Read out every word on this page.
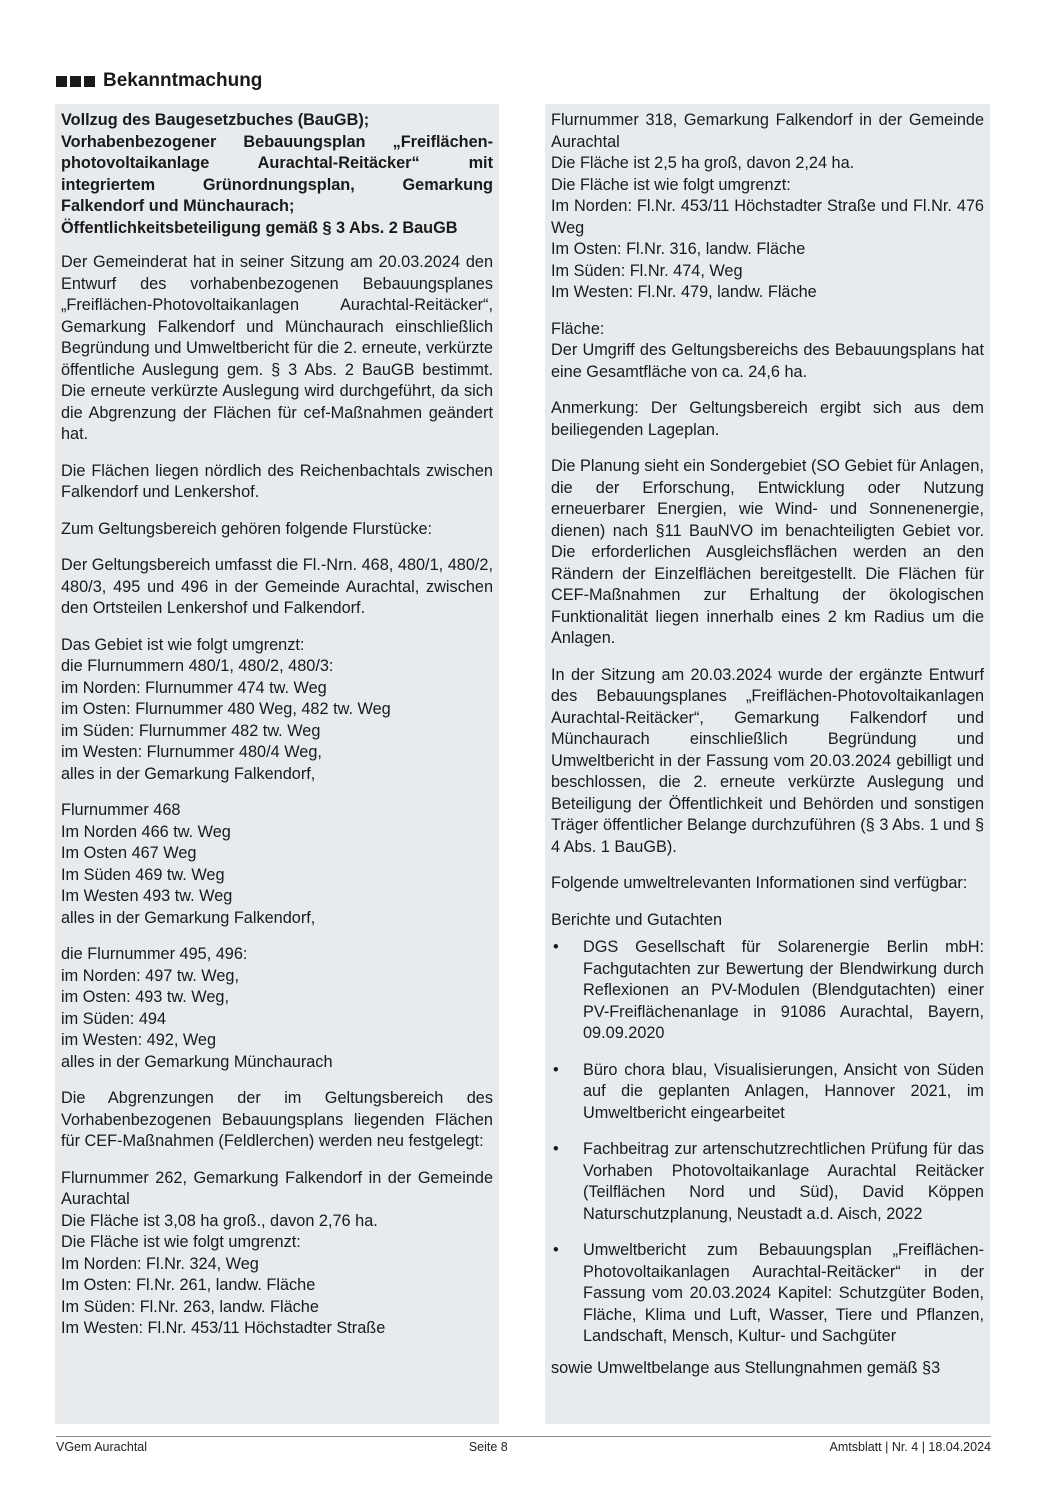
Bekanntmachung
Vollzug des Baugesetzbuches (BauGB);
Vorhabenbezogener Bebauungsplan „Freiflächen-photovoltaikanlage Aurachtal-Reitäcker“ mit integriertem Grünordnungsplan, Gemarkung Falkendorf und Münchaurach;
Öffentlichkeitsbeteiligung gemäß § 3 Abs. 2 BauGB
Der Gemeinderat hat in seiner Sitzung am 20.03.2024 den Entwurf des vorhabenbezogenen Bebauungsplanes „Freiflächen-Photovoltaikanlagen Aurachtal-Reitäcker“, Gemarkung Falkendorf und Münchaurach einschließlich Begründung und Umweltbericht für die 2. erneute, verkürzte öffentliche Auslegung gem. § 3 Abs. 2 BauGB bestimmt. Die erneute verkürzte Auslegung wird durchgeführt, da sich die Abgrenzung der Flächen für cef-Maßnahmen geändert hat.
Die Flächen liegen nördlich des Reichenbachtals zwischen Falkendorf und Lenkershof.
Zum Geltungsbereich gehören folgende Flurstücke:
Der Geltungsbereich umfasst die Fl.-Nrn. 468, 480/1, 480/2, 480/3, 495 und 496 in der Gemeinde Aurachtal, zwischen den Ortsteilen Lenkershof und Falkendorf.
Das Gebiet ist wie folgt umgrenzt:
die Flurnummern 480/1, 480/2, 480/3:
im Norden: Flurnummer 474 tw. Weg
im Osten: Flurnummer 480 Weg, 482 tw. Weg
im Süden: Flurnummer 482 tw. Weg
im Westen: Flurnummer 480/4 Weg,
alles in der Gemarkung Falkendorf,
Flurnummer 468
Im Norden 466 tw. Weg
Im Osten 467 Weg
Im Süden 469 tw. Weg
Im Westen 493 tw. Weg
alles in der Gemarkung Falkendorf,
die Flurnummer 495, 496:
im Norden: 497 tw. Weg,
im Osten: 493 tw. Weg,
im Süden: 494
im Westen: 492, Weg
alles in der Gemarkung Münchaurach
Die Abgrenzungen der im Geltungsbereich des Vorhabenbezogenen Bebauungsplans liegenden Flächen für CEF-Maßnahmen (Feldlerchen) werden neu festgelegt:
Flurnummer 262, Gemarkung Falkendorf in der Gemeinde Aurachtal
Die Fläche ist 3,08 ha groß., davon 2,76 ha.
Die Fläche ist wie folgt umgrenzt:
Im Norden: Fl.Nr. 324, Weg
Im Osten: Fl.Nr. 261, landw. Fläche
Im Süden: Fl.Nr. 263, landw. Fläche
Im Westen: Fl.Nr. 453/11 Höchstadter Straße
Flurnummer 318, Gemarkung Falkendorf in der Gemeinde Aurachtal
Die Fläche ist 2,5 ha groß, davon 2,24 ha.
Die Fläche ist wie folgt umgrenzt:
Im Norden: Fl.Nr. 453/11 Höchstadter Straße und Fl.Nr. 476 Weg
Im Osten: Fl.Nr. 316, landw. Fläche
Im Süden: Fl.Nr. 474, Weg
Im Westen: Fl.Nr. 479, landw. Fläche
Fläche:
Der Umgriff des Geltungsbereichs des Bebauungsplans hat eine Gesamtfläche von ca. 24,6 ha.
Anmerkung: Der Geltungsbereich ergibt sich aus dem beiliegenden Lageplan.
Die Planung sieht ein Sondergebiet (SO Gebiet für Anlagen, die der Erforschung, Entwicklung oder Nutzung erneuerbarer Energien, wie Wind- und Sonnenenergie, dienen) nach §11 BauNVO im benachteiligten Gebiet vor. Die erforderlichen Ausgleichsflächen werden an den Rändern der Einzelflächen bereitgestellt. Die Flächen für CEF-Maßnahmen zur Erhaltung der ökologischen Funktionalität liegen innerhalb eines 2 km Radius um die Anlagen.
In der Sitzung am 20.03.2024 wurde der ergänzte Entwurf des Bebauungsplanes „Freiflächen-Photovoltaikanlagen Aurachtal-Reitäcker“, Gemarkung Falkendorf und Münchaurach einschließlich Begründung und Umweltbericht in der Fassung vom 20.03.2024 gebilligt und beschlossen, die 2. erneute verkürzte Auslegung und Beteiligung der Öffentlichkeit und Behörden und sonstigen Träger öffentlicher Belange durchzuführen (§ 3 Abs. 1 und § 4 Abs. 1 BauGB).
Folgende umweltrelevanten Informationen sind verfügbar:
Berichte und Gutachten
• DGS Gesellschaft für Solarenergie Berlin mbH: Fachgutachten zur Bewertung der Blendwirkung durch Reflexionen an PV-Modulen (Blendgutachten) einer PV-Freiflächenanlage in 91086 Aurachtal, Bayern, 09.09.2020
• Büro chora blau, Visualisierungen, Ansicht von Süden auf die geplanten Anlagen, Hannover 2021, im Umweltbericht eingearbeitet
• Fachbeitrag zur artenschutzrechtlichen Prüfung für das Vorhaben Photovoltaikanlage Aurachtal Reitäcker (Teilflächen Nord und Süd), David Köppen Naturschutzplanung, Neustadt a.d. Aisch, 2022
• Umweltbericht zum Bebauungsplan „Freiflächen-Photovoltaikanlagen Aurachtal-Reitäcker“ in der Fassung vom 20.03.2024 Kapitel: Schutzgüter Boden, Fläche, Klima und Luft, Wasser, Tiere und Pflanzen, Landschaft, Mensch, Kultur- und Sachgüter
sowie Umweltbelange aus Stellungnahmen gemäß §3
VGem Aurachtal	Seite 8	Amtsblatt | Nr. 4 | 18.04.2024
